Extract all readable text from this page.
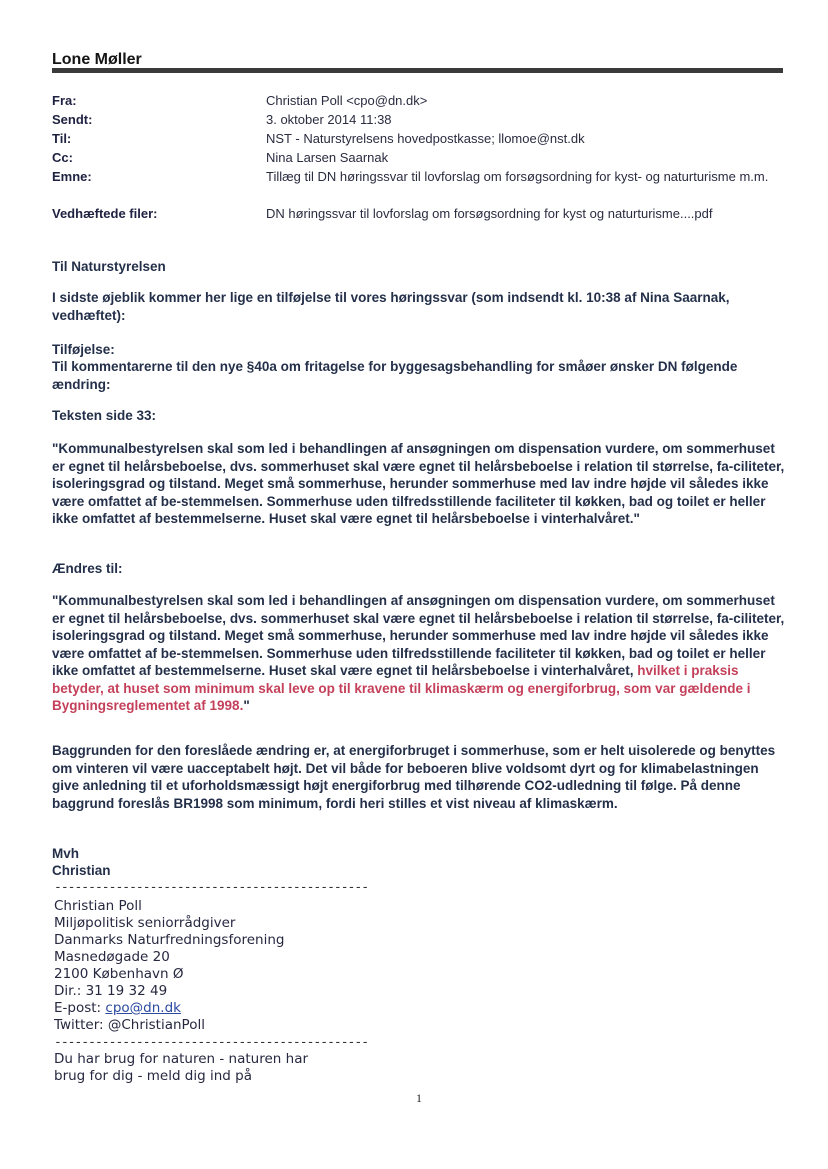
Lone Møller
Fra:	Christian Poll <cpo@dn.dk>
Sendt:	3. oktober 2014 11:38
Til:	NST - Naturstyrelsens hovedpostkasse; llomoe@nst.dk
Cc:	Nina Larsen Saarnak
Emne:	Tillæg til DN høringssvar til lovforslag om forsøgsordning for kyst- og naturturisme m.m.
Vedhæftede filer:	DN høringssvar til lovforslag om forsøgsordning for kyst og naturturisme....pdf
Til Naturstyrelsen
I sidste øjeblik kommer her lige en tilføjelse til vores høringssvar (som indsendt kl. 10:38 af Nina Saarnak, vedhæftet):
Tilføjelse:
Til kommentarerne til den nye §40a om fritagelse for byggesagsbehandling for småøer ønsker DN følgende ændring:
Teksten side 33:
"Kommunalbestyrelsen skal som led i behandlingen af ansøgningen om dispensation vurdere, om sommerhuset er egnet til helårsbeboelse, dvs. sommerhuset skal være egnet til helårsbeboelse i relation til størrelse, fa-ciliteter, isoleringsgrad og tilstand. Meget små sommerhuse, herunder sommerhuse med lav indre højde vil således ikke være omfattet af be-stemmelsen. Sommerhuse uden tilfredsstillende faciliteter til køkken, bad og toilet er heller ikke omfattet af bestemmelserne. Huset skal være egnet til helårsbeboelse i vinterhalvåret."
Ændres til:
"Kommunalbestyrelsen skal som led i behandlingen af ansøgningen om dispensation vurdere, om sommerhuset er egnet til helårsbeboelse, dvs. sommerhuset skal være egnet til helårsbeboelse i relation til størrelse, fa-ciliteter, isoleringsgrad og tilstand. Meget små sommerhuse, herunder sommerhuse med lav indre højde vil således ikke være omfattet af be-stemmelsen. Sommerhuse uden tilfredsstillende faciliteter til køkken, bad og toilet er heller ikke omfattet af bestemmelserne. Huset skal være egnet til helårsbeboelse i vinterhalvåret, hvilket i praksis betyder, at huset som minimum skal leve op til kravene til klimaskærm og energiforbrug, som var gældende i Bygningsreglementet af 1998."
Baggrunden for den foreslåede ændring er, at energiforbruget i sommerhuse, som er helt uisolerede og benyttes om vinteren vil være uacceptabelt højt. Det vil både for beboeren blive voldsomt dyrt og for klimabelastningen give anledning til et uforholdsmæssigt højt energiforbrug med tilhørende CO2-udledning til følge. På denne baggrund foreslås BR1998 som minimum, fordi heri stilles et vist niveau af klimaskærm.
Mvh
Christian
----------------------------------------------
Christian Poll
Miljøpolitisk seniorrådgiver
Danmarks Naturfredningsforening
Masnedøgade 20
2100 København Ø
Dir.: 31 19 32 49
E-post: cpo@dn.dk
Twitter: @ChristianPoll
----------------------------------------------
Du har brug for naturen - naturen har
brug for dig - meld dig ind på
1
